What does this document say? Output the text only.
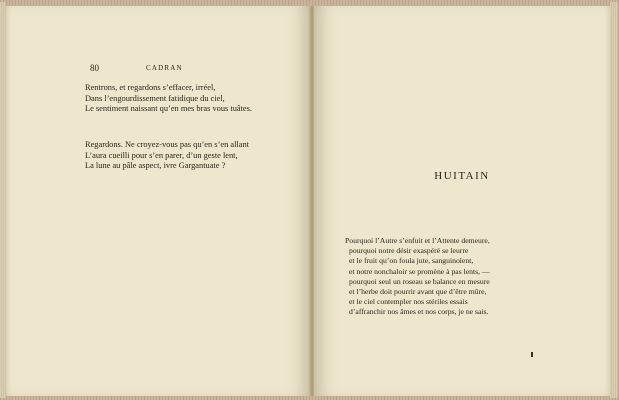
80	CADRAN
Rentrons, et regardons s’effacer, irréel,
Dans l’engourdissement fatidique du ciel,
Le sentiment naissant qu’en mes bras vous tuâtes.
Regardons. Ne croyez-vous pas qu’en s’en allant
L’aura cueilli pour s’en parer, d’un geste lent,
La lune au pâle aspect, ivre Gargantuate ?
HUITAIN
Pourquoi l’Autre s’enfuit et l’Attente demeure,
pourquoi notre désir exaspéré se leurre
et le fruit qu’on foula jute, sanguinolent,
et notre nonchaloir se promène à pas lents, —
pourquoi seul un roseau se balance en mesure
et l’herbe doit pourrir avant que d’être mûre,
et le ciel contempler nos stériles essais
d’affranchir nos âmes et nos corps, je ne sais.
